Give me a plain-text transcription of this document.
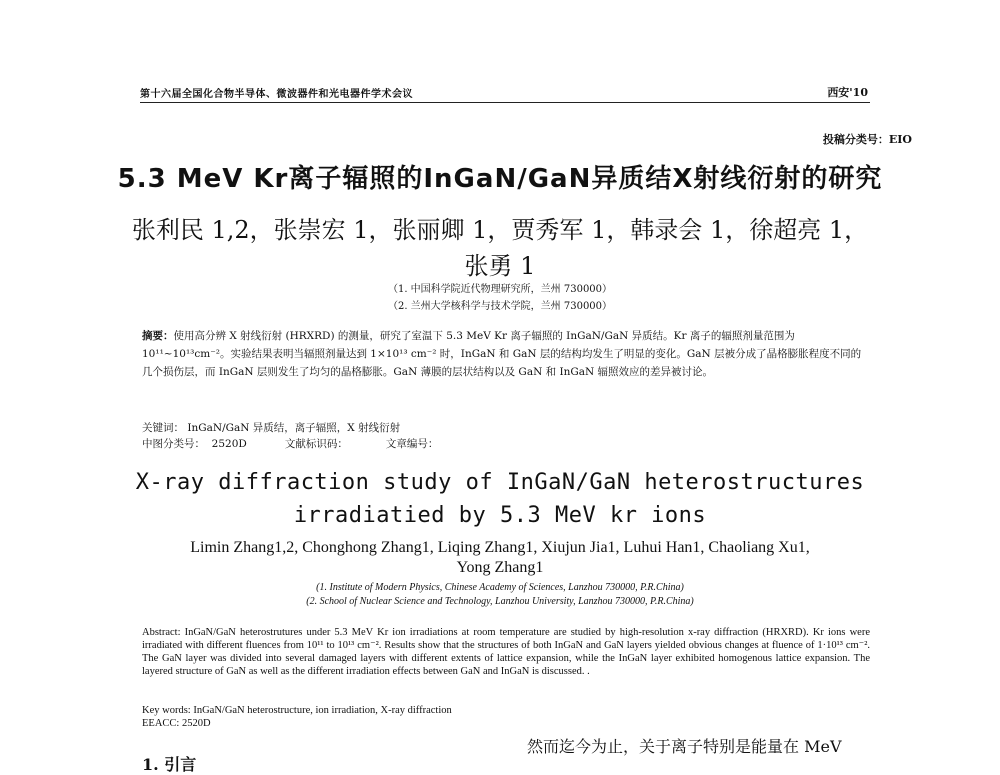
第十六届全国化合物半导体、微波器件和光电器件学术会议	西安'10
投稿分类号：EIO
5.3 MeV Kr离子辐照的InGaN/GaN异质结X射线衍射的研究
张利民 1,2，张崇宏 1，张丽卿 1，贾秀军 1，韩录会 1，徐超亮 1，
张勇 1
（1. 中国科学院近代物理研究所，兰州 730000）
（2. 兰州大学核科学与技术学院，兰州 730000）
摘要：使用高分辨 X 射线衍射 (HRXRD) 的测量，研究了室温下 5.3 MeV Kr 离子辐照的 InGaN/GaN 异质结。Kr 离子的辐照剂量范围为 10¹¹~10¹³cm⁻²。实验结果表明当辐照剂量达到 1×10¹³ cm⁻² 时，InGaN 和 GaN 层的结构均发生了明显的变化。GaN 层被分成了晶格膨胀程度不同的几个损伤层，而 InGaN 层则发生了均匀的晶格膨胀。GaN 薄膜的层状结构以及 GaN 和 InGaN 辐照效应的差异被讨论。
关键词： InGaN/GaN 异质结，离子辐照，X 射线衍射
中图分类号：  2520D	文献标识码：	文章编号：
X-ray diffraction study of InGaN/GaN heterostructures
irradiatied by 5.3 MeV kr ions
Limin Zhang1,2, Chonghong Zhang1, Liqing Zhang1, Xiujun Jia1, Luhui Han1, Chaoliang Xu1,
Yong Zhang1
(1. Institute of Modern Physics, Chinese Academy of Sciences, Lanzhou 730000, P.R.China)
(2. School of Nuclear Science and Technology, Lanzhou University, Lanzhou 730000, P.R.China)
Abstract: InGaN/GaN heterostrutures under 5.3 MeV Kr ion irradiations at room temperature are studied by high-resolution x-ray diffraction (HRXRD). Kr ions were irradiated with different fluences from 10¹¹ to 10¹³ cm⁻². Results show that the structures of both InGaN and GaN layers yielded obvious changes at fluence of 1·10¹³ cm⁻². The GaN layer was divided into several damaged layers with different extents of lattice expansion, while the InGaN layer exhibited homogenous lattice expansion. The layered structure of GaN as well as the different irradiation effects between GaN and InGaN is discussed. .
Key words: InGaN/GaN heterostructure, ion irradiation, X-ray diffraction
EEACC: 2520D
然而迄今为止，关于离子特别是能量在 MeV
1. 引言
